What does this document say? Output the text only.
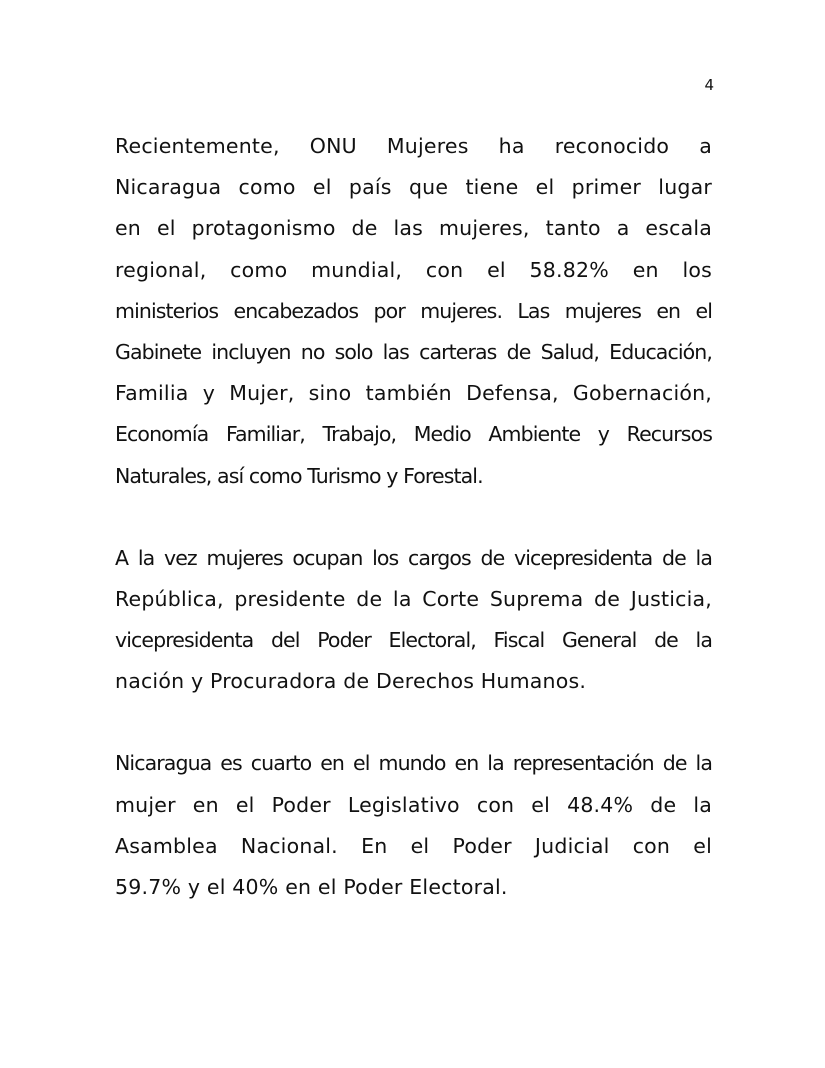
4

Recientemente, ONU Mujeres ha reconocido a
Nicaragua como el país que tiene el primer lugar
en el protagonismo de las mujeres, tanto a escala
regional, como mundial, con el 58.82% en los
ministerios encabezados por mujeres. Las mujeres en el
Gabinete incluyen no solo las carteras de Salud, Educación,
Familia y Mujer, sino también Defensa, Gobernación,
Economía Familiar, Trabajo, Medio Ambiente y Recursos
Naturales, así como Turismo y Forestal.

A la vez mujeres ocupan los cargos de vicepresidenta de la
República, presidente de la Corte Suprema de Justicia,
vicepresidenta del Poder Electoral, Fiscal General de la
nación y Procuradora de Derechos Humanos.

Nicaragua es cuarto en el mundo en la representación de la
mujer en el Poder Legislativo con el 48.4% de la
Asamblea Nacional. En el Poder Judicial con el
59.7% y el 40% en el Poder Electoral.
